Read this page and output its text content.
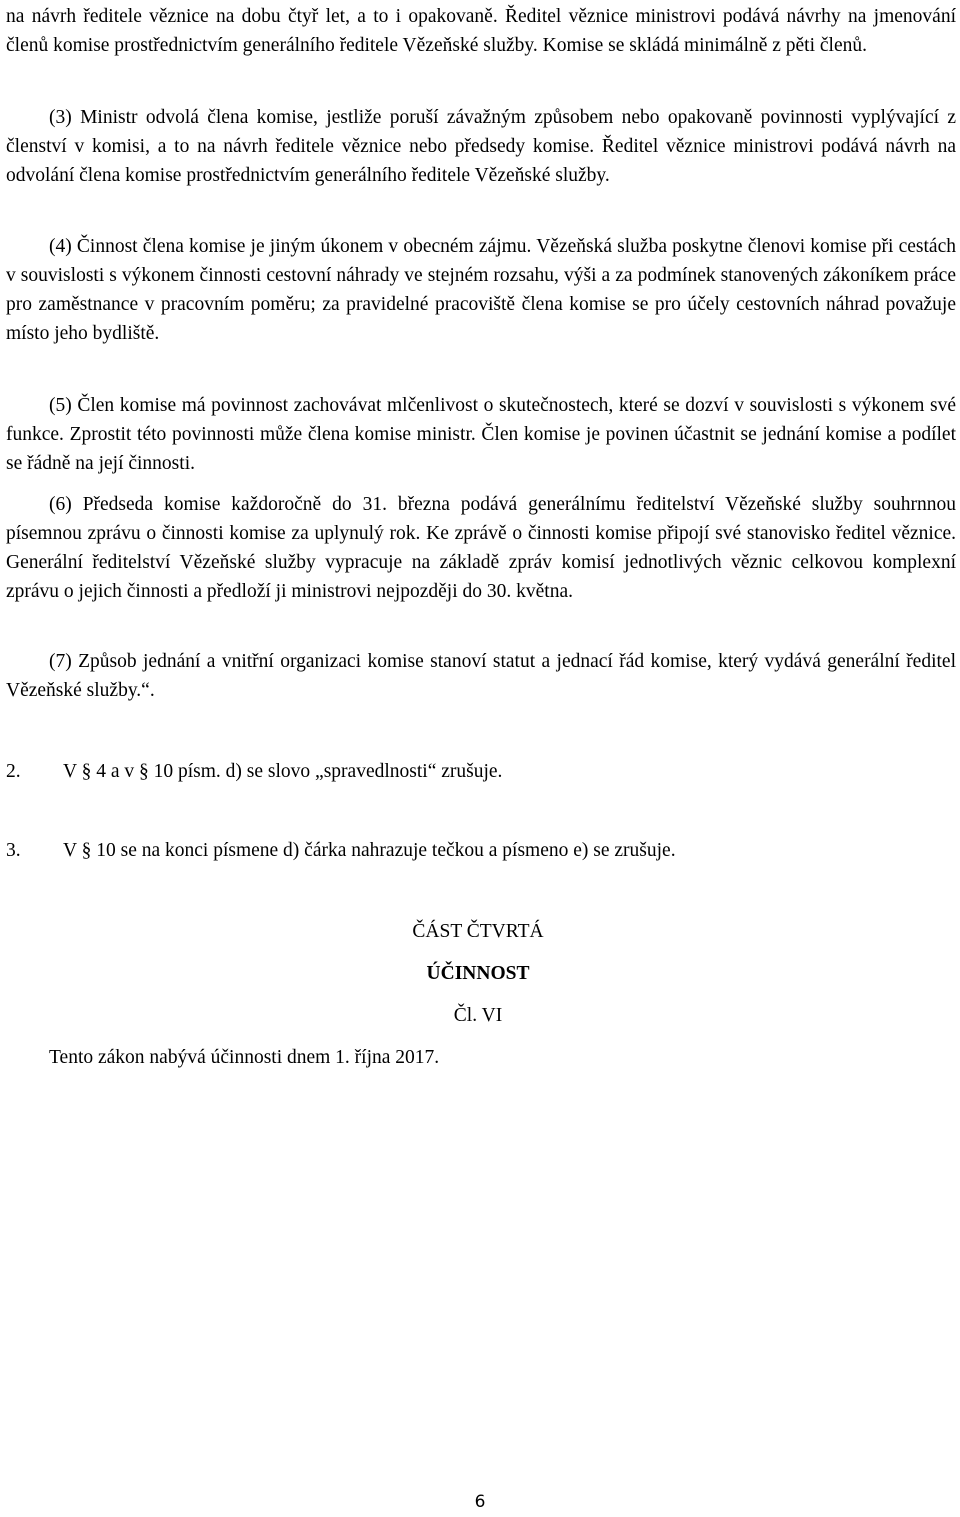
na návrh ředitele věznice na dobu čtyř let, a to i opakovaně. Ředitel věznice ministrovi podává návrhy na jmenování členů komise prostřednictvím generálního ředitele Vězeňské služby. Komise se skládá minimálně z pěti členů.

(3) Ministr odvolá člena komise, jestliže poruší závažným způsobem nebo opakovaně povinnosti vyplývající z členství v komisi, a to na návrh ředitele věznice nebo předsedy komise. Ředitel věznice ministrovi podává návrh na odvolání člena komise prostřednictvím generálního ředitele Vězeňské služby.

(4) Činnost člena komise je jiným úkonem v obecném zájmu. Vězeňská služba poskytne členovi komise při cestách v souvislosti s výkonem činnosti cestovní náhrady ve stejném rozsahu, výši a za podmínek stanovených zákoníkem práce pro zaměstnance v pracovním poměru; za pravidelné pracoviště člena komise se pro účely cestovních náhrad považuje místo jeho bydliště.

(5) Člen komise má povinnost zachovávat mlčenlivost o skutečnostech, které se dozví v souvislosti s výkonem své funkce. Zprostit této povinnosti může člena komise ministr. Člen komise je povinen účastnit se jednání komise a podílet se řádně na její činnosti.

(6) Předseda komise každoročně do 31. března podává generálnímu ředitelství Vězeňské služby souhrnnou písemnou zprávu o činnosti komise za uplynulý rok. Ke zprávě o činnosti komise připojí své stanovisko ředitel věznice. Generální ředitelství Vězeňské služby vypracuje na základě zpráv komisí jednotlivých věznic celkovou komplexní zprávu o jejich činnosti a předloží ji ministrovi nejpozději do 30. května.

(7) Způsob jednání a vnitřní organizaci komise stanoví statut a jednací řád komise, který vydává generální ředitel Vězeňské služby.“.

2. V § 4 a v § 10 písm. d) se slovo „spravedlnosti“ zrušuje.
3. V § 10 se na konci písmene d) čárka nahrazuje tečkou a písmeno e) se zrušuje.
ČÁST ČTVRTÁ
ÚČINNOST
Čl. VI
Tento zákon nabývá účinnosti dnem 1. října 2017.
6
